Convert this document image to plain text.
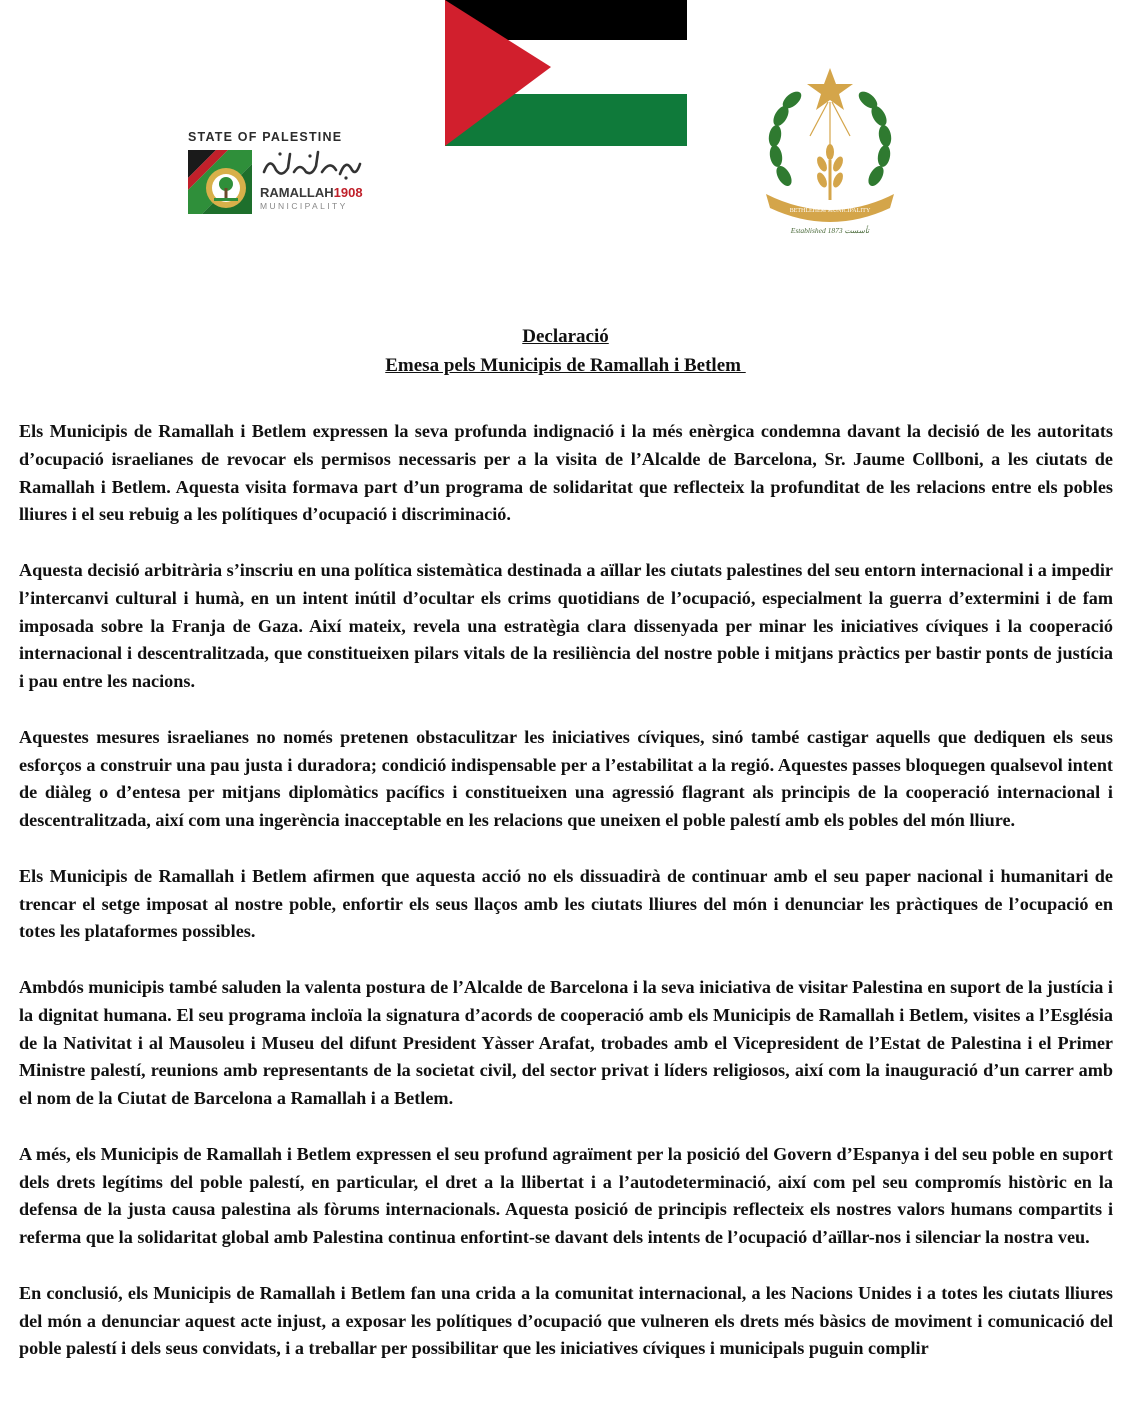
STATE OF PALESTINE
RAMALLAH1908
MUNICIPALITY	BETHLEHEM MUNICIPALITY
Established 1873 تأسست
Declaració
Emesa pels Municipis de Ramallah i Betlem

Els Municipis de Ramallah i Betlem expressen la seva profunda indignació i la més enèrgica condemna davant la decisió de les autoritats d’ocupació israelianes de revocar els permisos necessaris per a la visita de l’Alcalde de Barcelona, Sr. Jaume Collboni, a les ciutats de Ramallah i Betlem. Aquesta visita formava part d’un programa de solidaritat que reflecteix la profunditat de les relacions entre els pobles lliures i el seu rebuig a les polítiques d’ocupació i discriminació.

Aquesta decisió arbitrària s’inscriu en una política sistemàtica destinada a aïllar les ciutats palestines del seu entorn internacional i a impedir l’intercanvi cultural i humà, en un intent inútil d’ocultar els crims quotidians de l’ocupació, especialment la guerra d’extermini i de fam imposada sobre la Franja de Gaza. Així mateix, revela una estratègia clara dissenyada per minar les iniciatives cíviques i la cooperació internacional i descentralitzada, que constitueixen pilars vitals de la resiliència del nostre poble i mitjans pràctics per bastir ponts de justícia i pau entre les nacions.

Aquestes mesures israelianes no només pretenen obstaculitzar les iniciatives cíviques, sinó també castigar aquells que dediquen els seus esforços a construir una pau justa i duradora; condició indispensable per a l’estabilitat a la regió. Aquestes passes bloquegen qualsevol intent de diàleg o d’entesa per mitjans diplomàtics pacífics i constitueixen una agressió flagrant als principis de la cooperació internacional i descentralitzada, així com una ingerència inacceptable en les relacions que uneixen el poble palestí amb els pobles del món lliure.

Els Municipis de Ramallah i Betlem afirmen que aquesta acció no els dissuadirà de continuar amb el seu paper nacional i humanitari de trencar el setge imposat al nostre poble, enfortir els seus llaços amb les ciutats lliures del món i denunciar les pràctiques de l’ocupació en totes les plataformes possibles.

Ambdós municipis també saluden la valenta postura de l’Alcalde de Barcelona i la seva iniciativa de visitar Palestina en suport de la justícia i la dignitat humana. El seu programa incloïa la signatura d’acords de cooperació amb els Municipis de Ramallah i Betlem, visites a l’Església de la Nativitat i al Mausoleu i Museu del difunt President Yàsser Arafat, trobades amb el Vicepresident de l’Estat de Palestina i el Primer Ministre palestí, reunions amb representants de la societat civil, del sector privat i líders religiosos, així com la inauguració d’un carrer amb el nom de la Ciutat de Barcelona a Ramallah i a Betlem.

A més, els Municipis de Ramallah i Betlem expressen el seu profund agraïment per la posició del Govern d’Espanya i del seu poble en suport dels drets legítims del poble palestí, en particular, el dret a la llibertat i a l’autodeterminació, així com pel seu compromís històric en la defensa de la justa causa palestina als fòrums internacionals. Aquesta posició de principis reflecteix els nostres valors humans compartits i referma que la solidaritat global amb Palestina continua enfortint-se davant dels intents de l’ocupació d’aïllar-nos i silenciar la nostra veu.

En conclusió, els Municipis de Ramallah i Betlem fan una crida a la comunitat internacional, a les Nacions Unides i a totes les ciutats lliures del món a denunciar aquest acte injust, a exposar les polítiques d’ocupació que vulneren els drets més bàsics de moviment i comunicació del poble palestí i dels seus convidats, i a treballar per possibilitar que les iniciatives cíviques i municipals puguin complir
